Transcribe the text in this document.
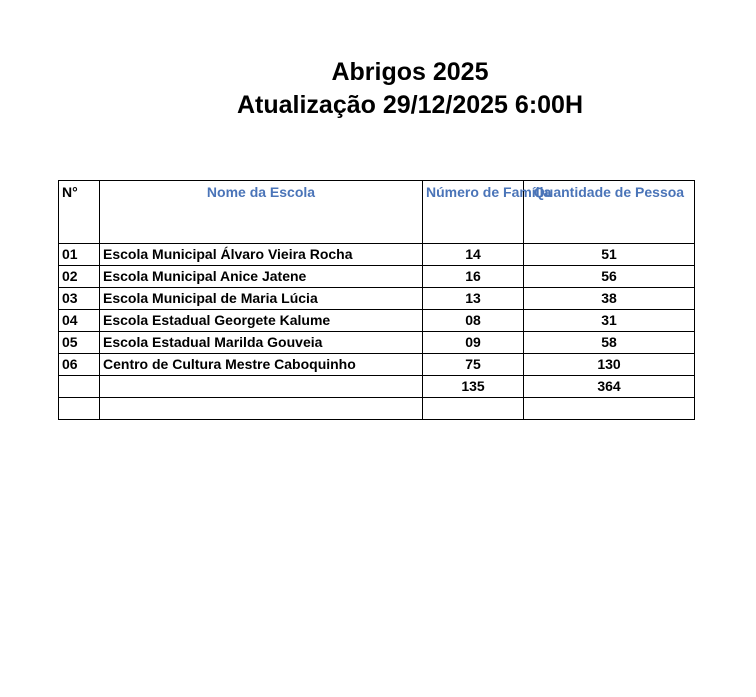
Abrigos 2025
Atualização 29/12/2025 6:00H
N°	Nome da Escola	Número de Família	Quantidade de Pessoa
01	Escola Municipal Álvaro Vieira Rocha	14	51
02	Escola Municipal Anice Jatene	16	56
03	Escola Municipal de Maria Lúcia	13	38
04	Escola Estadual Georgete Kalume	08	31
05	Escola Estadual Marilda Gouveia	09	58
06	Centro de Cultura Mestre Caboquinho	75	130
		135	364
